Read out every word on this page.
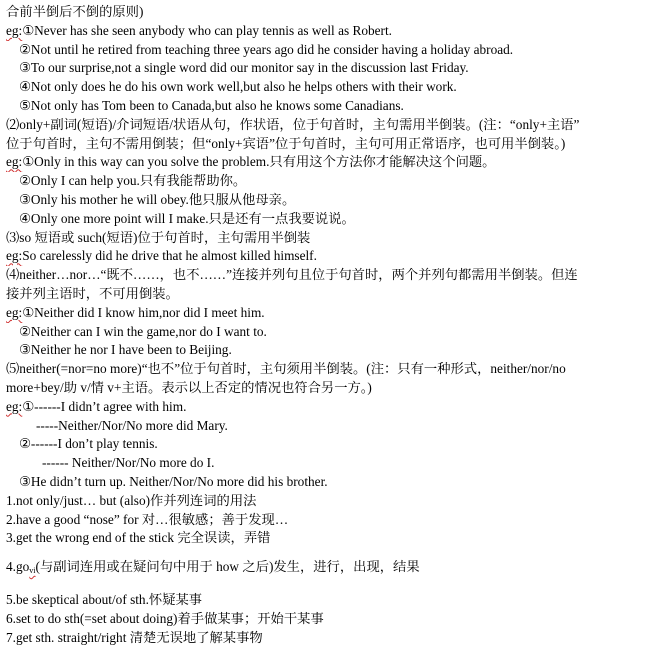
合前半倒后不倒的原则)
eg:①Never has she seen anybody who can play tennis as well as Robert.
②Not until he retired from teaching three years ago did he consider having a holiday abroad.
③To our surprise,not a single word did our monitor say in the discussion last Friday.
④Not only does he do his own work well,but also he helps others with their work.
⑤Not only has Tom been to Canada,but also he knows some Canadians.
⑵only+副词(短语)/介词短语/状语从句，作状语，位于句首时，主句需用半倒装。(注：“only+主语”
位于句首时，主句不需用倒装；但“only+宾语”位于句首时，主句可用正常语序，也可用半倒装。)
eg:①Only in this way can you solve the problem.只有用这个方法你才能解决这个问题。
②Only I can help you.只有我能帮助你。
③Only his mother he will obey.他只服从他母亲。
④Only one more point will I make.只是还有一点我要说说。
⑶so 短语或 such(短语)位于句首时，主句需用半倒装
eg:So carelessly did he drive that he almost killed himself.
⑷neither…nor…“既不……，也不……”连接并列句且位于句首时，两个并列句都需用半倒装。但连
接并列主语时，不可用倒装。
eg:①Neither did I know him,nor did I meet him.
②Neither can I win the game,nor do I want to.
③Neither he nor I have been to Beijing.
⑸neither(=nor=no more)“也不”位于句首时，主句须用半倒装。(注：只有一种形式，neither/nor/no
more+bey/助 v/情 v+主语。表示以上否定的情况也符合另一方。)
eg:①------I didn’t agree with him.
-----Neither/Nor/No more did Mary.
②------I don’t play tennis.
------ Neither/Nor/No more do I.
③He didn’t turn up. Neither/Nor/No more did his brother.
1.not only/just… but (also)作并列连词的用法
2.have a good “nose” for 对…很敏感；善于发现…
3.get the wrong end of the stick 完全误读，弄错
$4.go_{vi}$(与副词连用或在疑问句中用于 how 之后)发生，进行，出现，结果
5.be skeptical about/of sth.怀疑某事
6.set to do sth(=set about doing)着手做某事；开始干某事
7.get sth. straight/right 清楚无误地了解某事物
